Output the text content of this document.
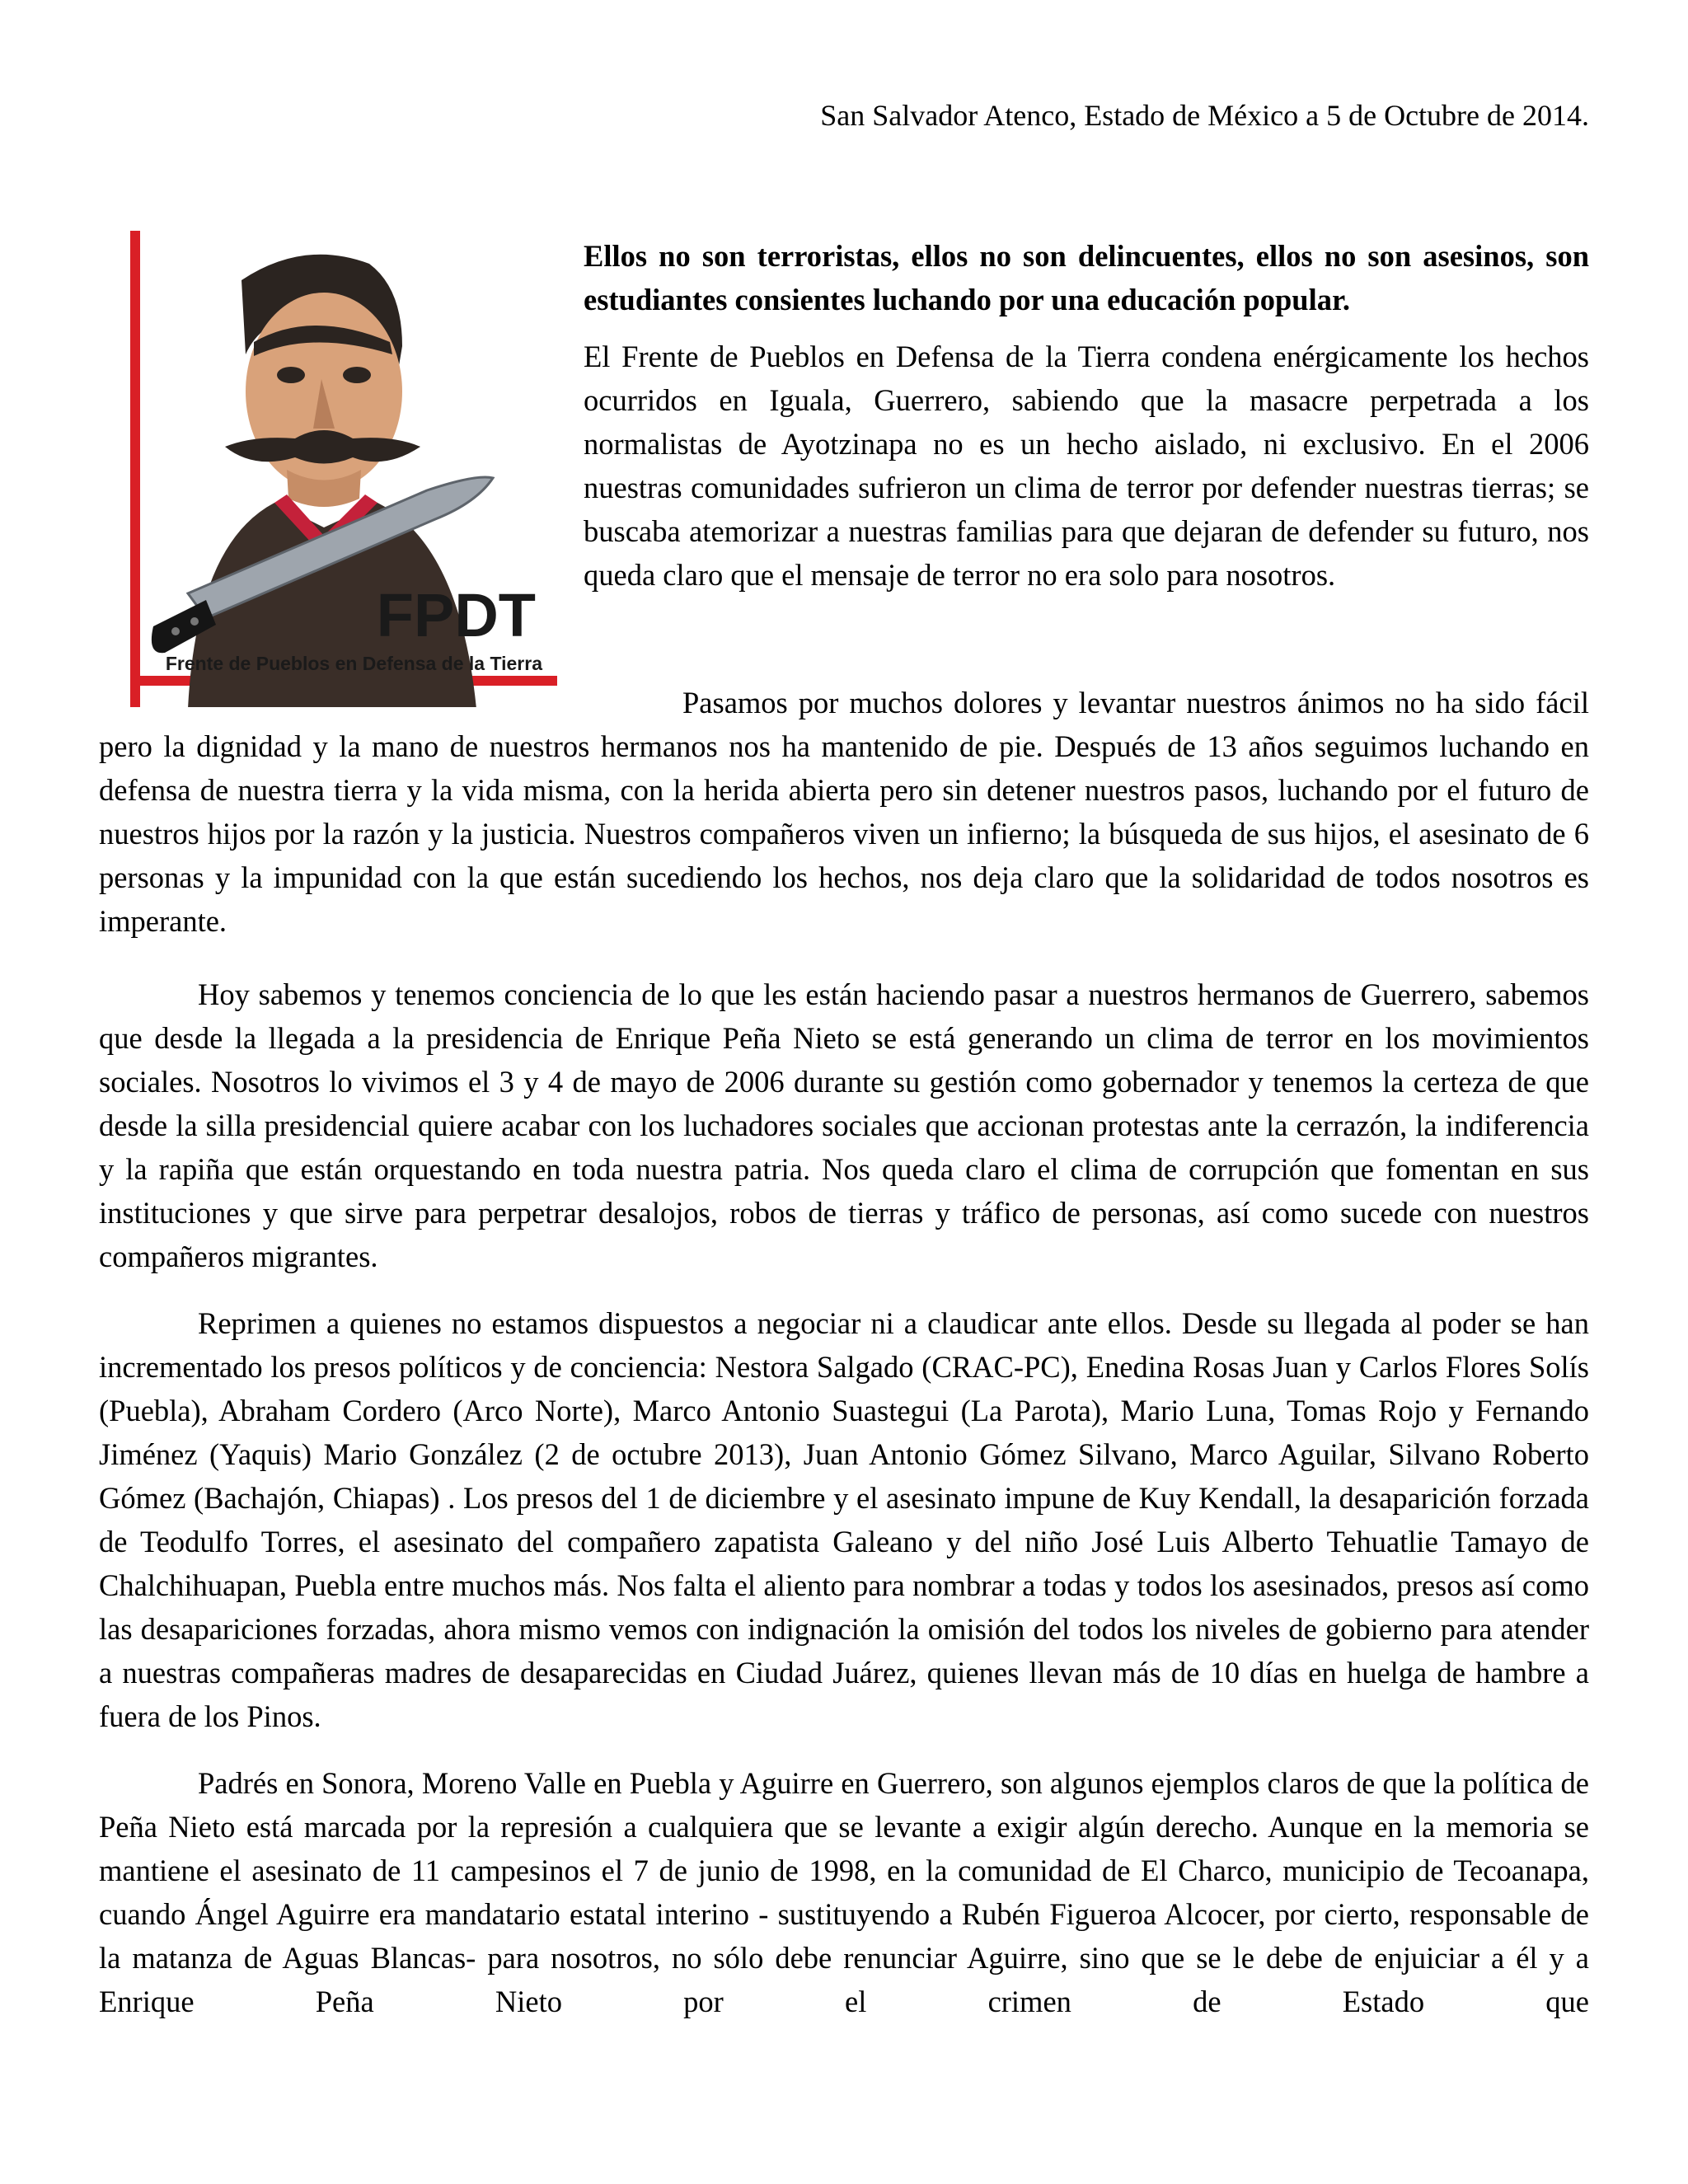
San Salvador Atenco, Estado de México a 5 de Octubre de 2014.
FPDT
Frente de Pueblos en Defensa de la Tierra

Ellos no son terroristas, ellos no son delincuentes, ellos no son asesinos, son estudiantes consientes luchando por una educación popular.

El Frente de Pueblos en Defensa de la Tierra condena enérgicamente los hechos ocurridos en Iguala, Guerrero, sabiendo que la masacre perpetrada a los normalistas de Ayotzinapa no es un hecho aislado, ni exclusivo. En el 2006 nuestras comunidades sufrieron un clima de terror por defender nuestras tierras; se buscaba atemorizar a nuestras familias para que dejaran de defender su futuro, nos queda claro que el mensaje de terror no era solo para nosotros.

Pasamos por muchos dolores y levantar nuestros ánimos no ha sido fácil pero la dignidad y la mano de nuestros hermanos nos ha mantenido de pie. Después de 13 años seguimos luchando en defensa de nuestra tierra y la vida misma, con la herida abierta pero sin detener nuestros pasos, luchando por el futuro de nuestros hijos por la razón y la justicia. Nuestros compañeros viven un infierno; la búsqueda de sus hijos, el asesinato de 6 personas y la impunidad con la que están sucediendo los hechos, nos deja claro que la solidaridad de todos nosotros es imperante.

Hoy sabemos y tenemos conciencia de lo que les están haciendo pasar a nuestros hermanos de Guerrero, sabemos que desde la llegada a la presidencia de Enrique Peña Nieto se está generando un clima de terror en los movimientos sociales. Nosotros lo vivimos el 3 y 4 de mayo de 2006 durante su gestión como gobernador y tenemos la certeza de que desde la silla presidencial quiere acabar con los luchadores sociales que accionan protestas ante la cerrazón, la indiferencia y la rapiña que están orquestando en toda nuestra patria. Nos queda claro el clima de corrupción que fomentan en sus instituciones y que sirve para perpetrar desalojos, robos de tierras y tráfico de personas, así como sucede con nuestros compañeros migrantes.

Reprimen a quienes no estamos dispuestos a negociar ni a claudicar ante ellos. Desde su llegada al poder se han incrementado los presos políticos y de conciencia: Nestora Salgado (CRAC-PC), Enedina Rosas Juan y Carlos Flores Solís (Puebla), Abraham Cordero (Arco Norte), Marco Antonio Suastegui (La Parota), Mario Luna, Tomas Rojo y Fernando Jiménez (Yaquis) Mario González (2 de octubre 2013), Juan Antonio Gómez Silvano, Marco Aguilar, Silvano Roberto Gómez (Bachajón, Chiapas) . Los presos del 1 de diciembre y el asesinato impune de Kuy Kendall, la desaparición forzada de Teodulfo Torres, el asesinato del compañero zapatista Galeano y del niño José Luis Alberto Tehuatlie Tamayo de Chalchihuapan, Puebla entre muchos más. Nos falta el aliento para nombrar a todas y todos los asesinados, presos así como las desapariciones forzadas, ahora mismo vemos con indignación la omisión del todos los niveles de gobierno para atender a nuestras compañeras madres de desaparecidas en Ciudad Juárez, quienes llevan más de 10 días en huelga de hambre a fuera de los Pinos.

Padrés en Sonora, Moreno Valle en Puebla y Aguirre en Guerrero, son algunos ejemplos claros de que la política de Peña Nieto está marcada por la represión a cualquiera que se levante a exigir algún derecho. Aunque en la memoria se mantiene el asesinato de 11 campesinos el 7 de junio de 1998, en la comunidad de El Charco, municipio de Tecoanapa, cuando Ángel Aguirre era mandatario estatal interino - sustituyendo a Rubén Figueroa Alcocer, por cierto, responsable de la matanza de Aguas Blancas- para nosotros, no sólo debe renunciar Aguirre, sino que se le debe de enjuiciar a él y a Enrique Peña Nieto por el crimen de Estado que
